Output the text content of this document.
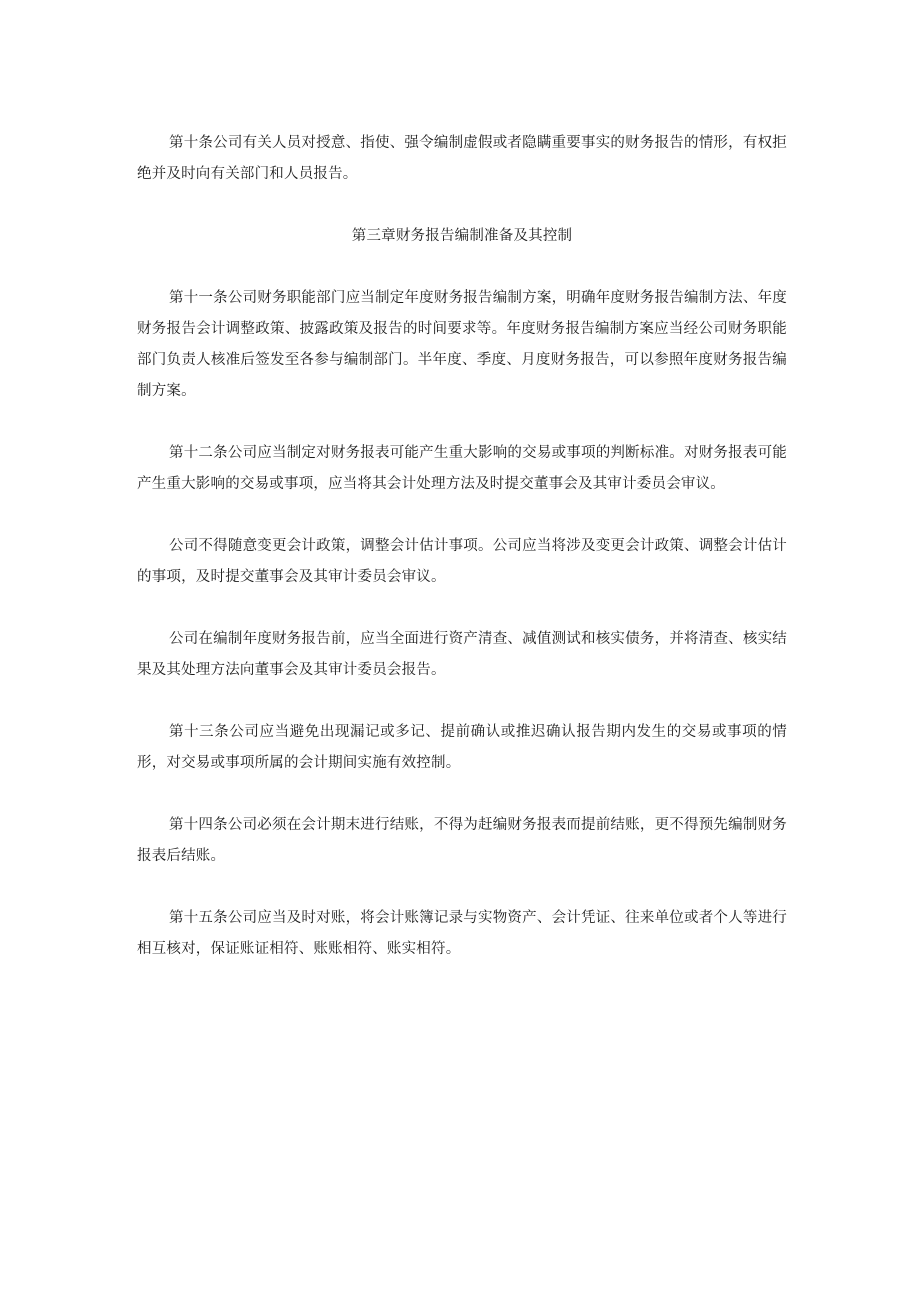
第十条公司有关人员对授意、指使、强令编制虚假或者隐瞒重要事实的财务报告的情形，有权拒绝并及时向有关部门和人员报告。

第三章财务报告编制准备及其控制

第十一条公司财务职能部门应当制定年度财务报告编制方案，明确年度财务报告编制方法、年度财务报告会计调整政策、披露政策及报告的时间要求等。年度财务报告编制方案应当经公司财务职能部门负责人核准后签发至各参与编制部门。半年度、季度、月度财务报告，可以参照年度财务报告编制方案。

第十二条公司应当制定对财务报表可能产生重大影响的交易或事项的判断标准。对财务报表可能产生重大影响的交易或事项，应当将其会计处理方法及时提交董事会及其审计委员会审议。

公司不得随意变更会计政策，调整会计估计事项。公司应当将涉及变更会计政策、调整会计估计的事项，及时提交董事会及其审计委员会审议。

公司在编制年度财务报告前，应当全面进行资产清查、减值测试和核实债务，并将清查、核实结果及其处理方法向董事会及其审计委员会报告。

第十三条公司应当避免出现漏记或多记、提前确认或推迟确认报告期内发生的交易或事项的情形，对交易或事项所属的会计期间实施有效控制。

第十四条公司必须在会计期末进行结账，不得为赶编财务报表而提前结账，更不得预先编制财务报表后结账。

第十五条公司应当及时对账，将会计账簿记录与实物资产、会计凭证、往来单位或者个人等进行相互核对，保证账证相符、账账相符、账实相符。
